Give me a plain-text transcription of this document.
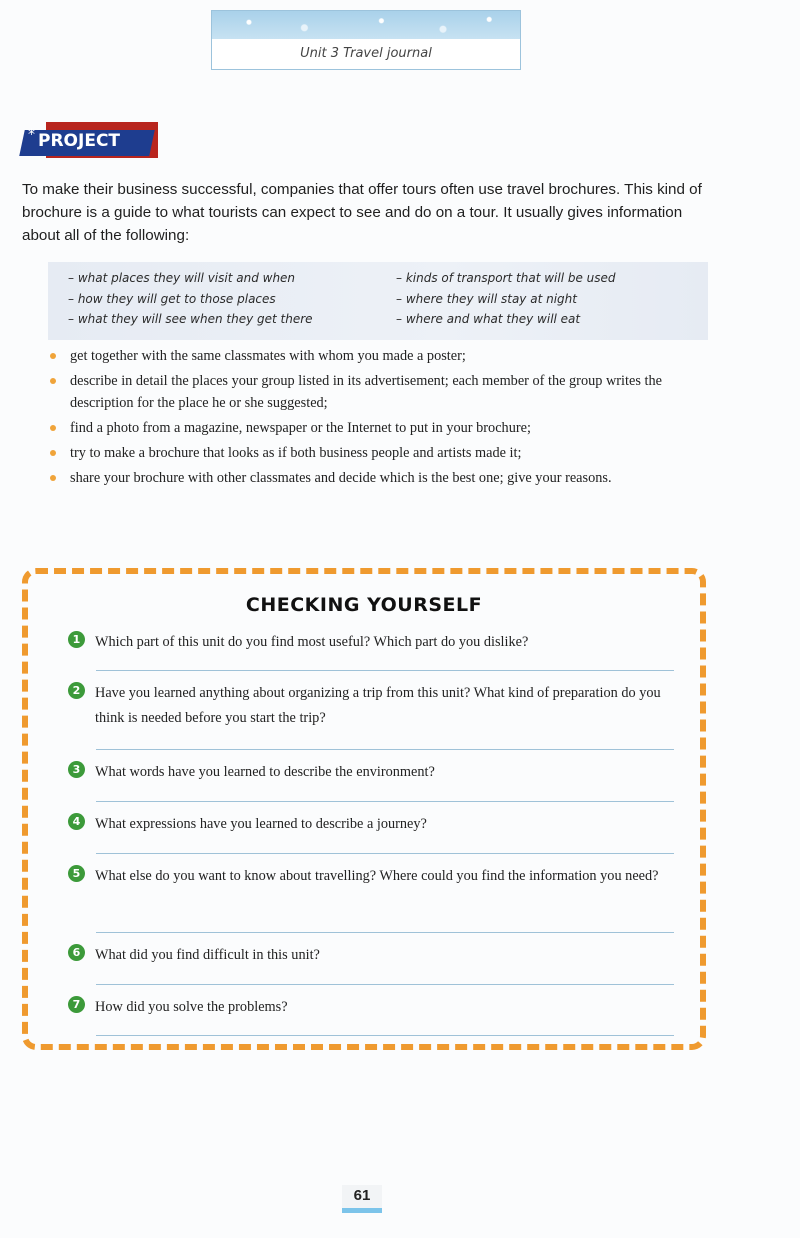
Unit 3 Travel journal
* PROJECT

To make their business successful, companies that offer tours often use travel brochures. This kind of brochure is a guide to what tourists can expect to see and do on a tour. It usually gives information about all of the following:

– what places they will visit and when
– how they will get to those places
– what they will see when they get there
– kinds of transport that will be used
– where they will stay at night
– where and what they will eat
get together with the same classmates with whom you made a poster;
describe in detail the places your group listed in its advertisement; each member of the group writes the description for the place he or she suggested;
find a photo from a magazine, newspaper or the Internet to put in your brochure;
try to make a brochure that looks as if both business people and artists made it;
share your brochure with other classmates and decide which is the best one; give your reasons.
CHECKING YOURSELF
1	Which part of this unit do you find most useful? Which part do you dislike?
2	Have you learned anything about organizing a trip from this unit? What kind of preparation do you think is needed before you start the trip?
3	What words have you learned to describe the environment?
4	What expressions have you learned to describe a journey?
5	What else do you want to know about travelling? Where could you find the information you need?
6	What did you find difficult in this unit?
7	How did you solve the problems?
61
